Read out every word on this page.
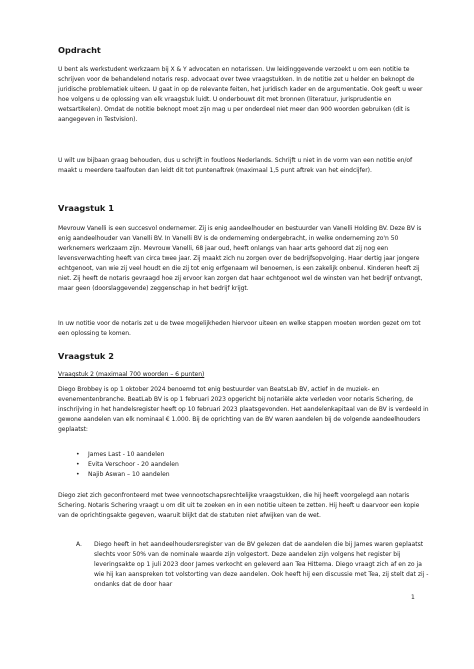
Opdracht

U bent als werkstudent werkzaam bij X & Y advocaten en notarissen. Uw leidinggevende verzoekt u om een notitie te schrijven voor de behandelend notaris resp. advocaat over twee vraagstukken. In de notitie zet u helder en beknopt de juridische problematiek uiteen. U gaat in op de relevante feiten, het juridisch kader en de argumentatie. Ook geeft u weer hoe volgens u de oplossing van elk vraagstuk luidt. U onderbouwt dit met bronnen (literatuur, jurisprudentie en wetsartikelen). Omdat de notitie beknopt moet zijn mag u per onderdeel niet meer dan 900 woorden gebruiken (dit is aangegeven in Testvision).

U wilt uw bijbaan graag behouden, dus u schrijft in foutloos Nederlands. Schrijft u niet in de vorm van een notitie en/of maakt u meerdere taalfouten dan leidt dit tot puntenaftrek (maximaal 1,5 punt aftrek van het eindcijfer).

Vraagstuk 1

Mevrouw Vanelli is een succesvol ondernemer. Zij is enig aandeelhouder en bestuurder van Vanelli Holding BV. Deze BV is enig aandeelhouder van Vanelli BV. In Vanelli BV is de onderneming ondergebracht, in welke onderneming zo'n 50 werknemers werkzaam zijn. Mevrouw Vanelli, 68 jaar oud, heeft onlangs van haar arts gehoord dat zij nog een levensverwachting heeft van circa twee jaar. Zij maakt zich nu zorgen over de bedrijfsopvolging. Haar dertig jaar jongere echtgenoot, van wie zij veel houdt en die zij tot enig erfgenaam wil benoemen, is een zakelijk onbenul. Kinderen heeft zij niet. Zij heeft de notaris gevraagd hoe zij ervoor kan zorgen dat haar echtgenoot wel de winsten van het bedrijf ontvangt, maar geen (doorslaggevende) zeggenschap in het bedrijf krijgt.

In uw notitie voor de notaris zet u de twee mogelijkheden hiervoor uiteen en welke stappen moeten worden gezet om tot een oplossing te komen.

Vraagstuk 2

Vraagstuk 2 (maximaal 700 woorden – 6 punten)

Diego Brobbey is op 1 oktober 2024 benoemd tot enig bestuurder van BeatsLab BV, actief in de muziek- en evenementenbranche. BeatLab BV is op 1 februari 2023 opgericht bij notariële akte verleden voor notaris Schering, de inschrijving in het handelsregister heeft op 10 februari 2023 plaatsgevonden. Het aandelenkapitaal van de BV is verdeeld in gewone aandelen van elk nominaal € 1.000. Bij de oprichting van de BV waren aandelen bij de volgende aandeelhouders geplaatst:

• James Last - 10 aandelen
• Evita Verschoor - 20 aandelen
• Najib Aswan – 10 aandelen

Diego ziet zich geconfronteerd met twee vennootschapsrechtelijke vraagstukken, die hij heeft voorgelegd aan notaris Schering. Notaris Schering vraagt u om dit uit te zoeken en in een notitie uiteen te zetten. Hij heeft u daarvoor een kopie van de oprichtingsakte gegeven, waaruit blijkt dat de statuten niet afwijken van de wet.

A. Diego heeft in het aandeelhoudersregister van de BV gelezen dat de aandelen die bij James waren geplaatst slechts voor 50% van de nominale waarde zijn volgestort. Deze aandelen zijn volgens het register bij leveringsakte op 1 juli 2023 door James verkocht en geleverd aan Tea Hittema. Diego vraagt zich af en zo ja wie hij kan aanspreken tot volstorting van deze aandelen. Ook heeft hij een discussie met Tea, zij stelt dat zij - ondanks dat de door haar
1
